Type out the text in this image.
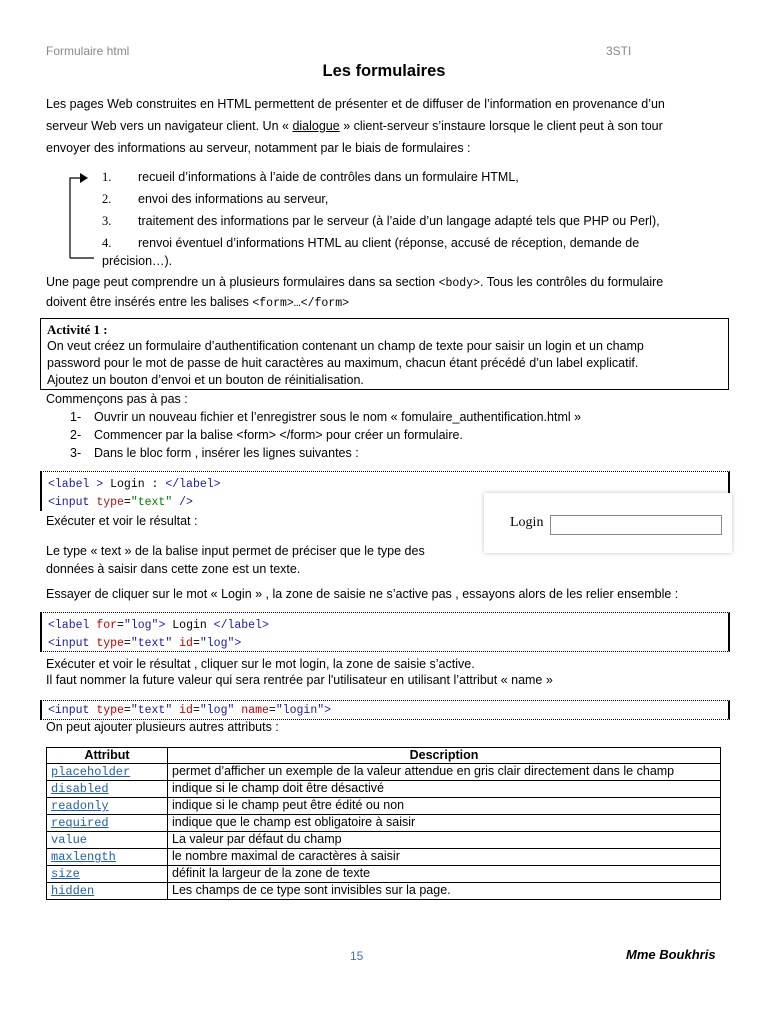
Formulaire html	3STI
Les formulaires

Les pages Web construites en HTML permettent de présenter et de diffuser de l’information en provenance d’un

serveur Web vers un navigateur client. Un « dialogue » client-serveur s’instaure lorsque le client peut à son tour

envoyer des informations au serveur, notamment par le biais de formulaires :

1. recueil d’informations à l’aide de contrôles dans un formulaire HTML,
2. envoi des informations au serveur,
3. traitement des informations par le serveur (à l’aide d’un langage adapté tels que PHP ou Perl),
4. renvoi éventuel d’informations HTML au client (réponse, accusé de réception, demande de
précision…).
Une page peut comprendre un à plusieurs formulaires dans sa section <body>. Tous les contrôles du formulaire
doivent être insérés entre les balises <form>…</form>
Activité 1 :
On veut créez un formulaire d’authentification contenant un champ de texte pour saisir un login et un champ
password pour le mot de passe de huit caractères au maximum, chacun étant précédé d’un label explicatif.
Ajoutez un bouton d’envoi et un bouton de réinitialisation.
Commençons pas à pas :
1- Ouvrir un nouveau fichier et l’enregistrer sous le nom « fomulaire_authentification.html »
2- Commencer par la balise <form> </form> pour créer un formulaire.
3- Dans le bloc form , insérer les lignes suivantes :
<label > Login : </label>
<input type="text" />
Login
Exécuter et voir le résultat :
Le type « text » de la balise input permet de préciser que le type des
données à saisir dans cette zone est un texte.
Essayer de cliquer sur le mot « Login » , la zone de saisie ne s’active pas , essayons alors de les relier ensemble :
<label for="log"> Login </label>
<input type="text" id="log">
Exécuter et voir le résultat , cliquer sur le mot login, la zone de saisie s’active.
Il faut nommer la future valeur qui sera rentrée par l'utilisateur en utilisant l’attribut « name »
<input type="text" id="log" name="login">
On peut ajouter plusieurs autres attributs :
Attribut	Description
placeholder	permet d’afficher un exemple de la valeur attendue en gris clair directement dans le champ
disabled	indique si le champ doit être désactivé
readonly	indique si le champ peut être édité ou non
required	indique que le champ est obligatoire à saisir
value	La valeur par défaut du champ
maxlength	le nombre maximal de caractères à saisir
size	définit la largeur de la zone de texte
hidden	Les champs de ce type sont invisibles sur la page.
15	Mme Boukhris
